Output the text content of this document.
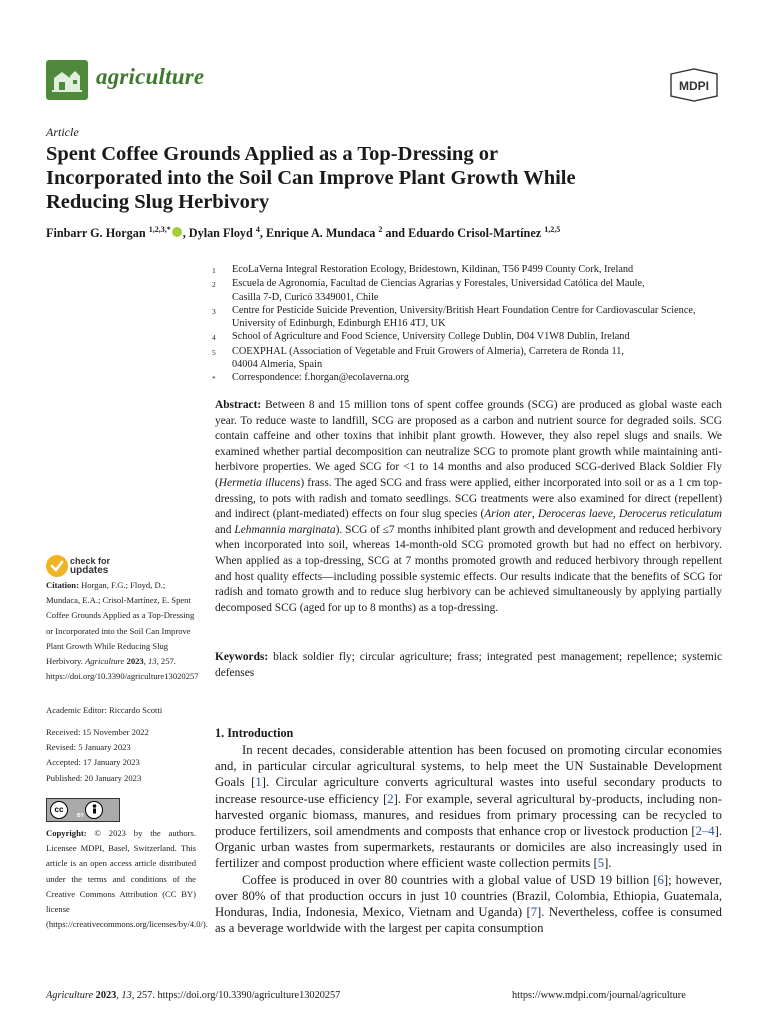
agriculture	MDPI
Article
Spent Coffee Grounds Applied as a Top-Dressing or
Incorporated into the Soil Can Improve Plant Growth While
Reducing Slug Herbivory
Finbarr G. Horgan $^{1,2,3,*}$ , Dylan Floyd $^4$, Enrique A. Mundaca $^2$ and Eduardo Crisol-Martínez $^{1,2,5}$
1	EcoLaVerna Integral Restoration Ecology, Bridestown, Kildinan, T56 P499 County Cork, Ireland
2	Escuela de Agronomía, Facultad de Ciencias Agrarias y Forestales, Universidad Católica del Maule,
Casilla 7-D, Curicó 3349001, Chile
3	Centre for Pesticide Suicide Prevention, University/British Heart Foundation Centre for Cardiovascular Science,
University of Edinburgh, Edinburgh EH16 4TJ, UK
4	School of Agriculture and Food Science, University College Dublin, D04 V1W8 Dublin, Ireland
5	COEXPHAL (Association of Vegetable and Fruit Growers of Almeria), Carretera de Ronda 11,
04004 Almeria, Spain
*	Correspondence: f.horgan@ecolaverna.org
Abstract: Between 8 and 15 million tons of spent coffee grounds (SCG) are produced as global waste each year. To reduce waste to landfill, SCG are proposed as a carbon and nutrient source for degraded soils. SCG contain caffeine and other toxins that inhibit plant growth. However, they also repel slugs and snails. We examined whether partial decomposition can neutralize SCG to promote plant growth while maintaining anti-herbivore properties. We aged SCG for <1 to 14 months and also produced SCG-derived Black Soldier Fly (Hermetia illucens) frass. The aged SCG and frass were applied, either incorporated into soil or as a 1 cm top-dressing, to pots with radish and tomato seedlings. SCG treatments were also examined for direct (repellent) and indirect (plant-mediated) effects on four slug species (Arion ater, Deroceras laeve, Derocerus reticulatum and Lehmannia marginata). SCG of ≤7 months inhibited plant growth and development and reduced herbivory when incorporated into soil, whereas 14-month-old SCG promoted growth but had no effect on herbivory. When applied as a top-dressing, SCG at 7 months promoted growth and reduced herbivory through repellent and host quality effects—including possible systemic effects. Our results indicate that the benefits of SCG for radish and tomato growth and to reduce slug herbivory can be achieved simultaneously by applying partially decomposed SCG (aged for up to 8 months) as a top-dressing.
Keywords: black soldier fly; circular agriculture; frass; integrated pest management; repellence; systemic defenses
check for
updates
Citation: Horgan, F.G.; Floyd, D.; Mundaca, E.A.; Crisol-Martínez, E. Spent Coffee Grounds Applied as a Top-Dressing or Incorporated into the Soil Can Improve Plant Growth While Reducing Slug Herbivory. Agriculture 2023, 13, 257. https://doi.org/10.3390/agriculture13020257
Academic Editor: Riccardo Scotti
Received: 15 November 2022
Revised: 5 January 2023
Accepted: 17 January 2023
Published: 20 January 2023
cc
BY
Copyright: © 2023 by the authors. Licensee MDPI, Basel, Switzerland. This article is an open access article distributed under the terms and conditions of the Creative Commons Attribution (CC BY) license (https://creativecommons.org/licenses/by/4.0/).
1. Introduction

In recent decades, considerable attention has been focused on promoting circular economies and, in particular circular agricultural systems, to help meet the UN Sustainable Development Goals [1]. Circular agriculture converts agricultural wastes into useful secondary products to increase resource-use efficiency [2]. For example, several agricultural by-products, including non-harvested organic biomass, manures, and residues from primary processing can be recycled to produce fertilizers, soil amendments and composts that enhance crop or livestock production [2–4]. Organic urban wastes from supermarkets, restaurants or domiciles are also increasingly used in fertilizer and compost production where efficient waste collection permits [5].

Coffee is produced in over 80 countries with a global value of USD 19 billion [6]; however, over 80% of that production occurs in just 10 countries (Brazil, Colombia, Ethiopia, Guatemala, Honduras, India, Indonesia, Mexico, Vietnam and Uganda) [7]. Nevertheless, coffee is consumed as a beverage worldwide with the largest per capita consumption

Agriculture 2023, 13, 257. https://doi.org/10.3390/agriculture13020257	https://www.mdpi.com/journal/agriculture
